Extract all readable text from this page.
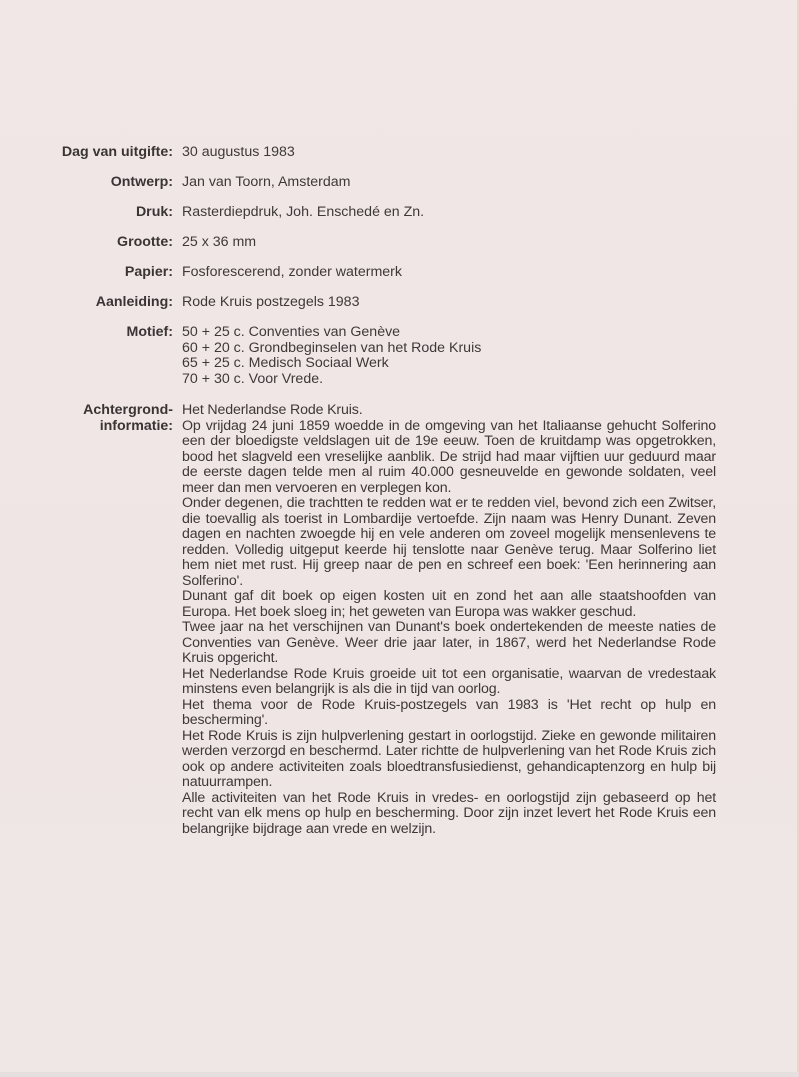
Dag van uitgifte: 30 augustus 1983
Ontwerp: Jan van Toorn, Amsterdam
Druk: Rasterdiepdruk, Joh. Enschedé en Zn.
Grootte: 25 x 36 mm
Papier: Fosforescerend, zonder watermerk
Aanleiding: Rode Kruis postzegels 1983
Motief: 50 + 25 c. Conventies van Genève
60 + 20 c. Grondbeginselen van het Rode Kruis
65 + 25 c. Medisch Sociaal Werk
70 + 30 c. Voor Vrede.
Achtergrond-
informatie:

Het Nederlandse Rode Kruis.

Op vrijdag 24 juni 1859 woedde in de omgeving van het Italiaanse gehucht Solferino een der bloedigste veldslagen uit de 19e eeuw. Toen de kruitdamp was opgetrokken, bood het slagveld een vreselijke aanblik. De strijd had maar vijftien uur geduurd maar de eerste dagen telde men al ruim 40.000 gesneuvelde en gewonde soldaten, veel meer dan men vervoeren en verplegen kon.

Onder degenen, die trachtten te redden wat er te redden viel, bevond zich een Zwitser, die toevallig als toerist in Lombardije vertoefde. Zijn naam was Henry Dunant. Zeven dagen en nachten zwoegde hij en vele anderen om zoveel mogelijk mensenlevens te redden. Volledig uitgeput keerde hij tenslotte naar Genève terug. Maar Solferino liet hem niet met rust. Hij greep naar de pen en schreef een boek: 'Een herinnering aan Solferino'.

Dunant gaf dit boek op eigen kosten uit en zond het aan alle staatshoofden van Europa. Het boek sloeg in; het geweten van Europa was wakker geschud.

Twee jaar na het verschijnen van Dunant's boek ondertekenden de meeste naties de Conventies van Genève. Weer drie jaar later, in 1867, werd het Nederlandse Rode Kruis opgericht.

Het Nederlandse Rode Kruis groeide uit tot een organisatie, waarvan de vredestaak minstens even belangrijk is als die in tijd van oorlog.

Het thema voor de Rode Kruis-postzegels van 1983 is 'Het recht op hulp en bescherming'.

Het Rode Kruis is zijn hulpverlening gestart in oorlogstijd. Zieke en gewonde militairen werden verzorgd en beschermd. Later richtte de hulpverlening van het Rode Kruis zich ook op andere activiteiten zoals bloedtransfusiedienst, gehandicaptenzorg en hulp bij natuurrampen.

Alle activiteiten van het Rode Kruis in vredes- en oorlogstijd zijn gebaseerd op het recht van elk mens op hulp en bescherming. Door zijn inzet levert het Rode Kruis een belangrijke bijdrage aan vrede en welzijn.
